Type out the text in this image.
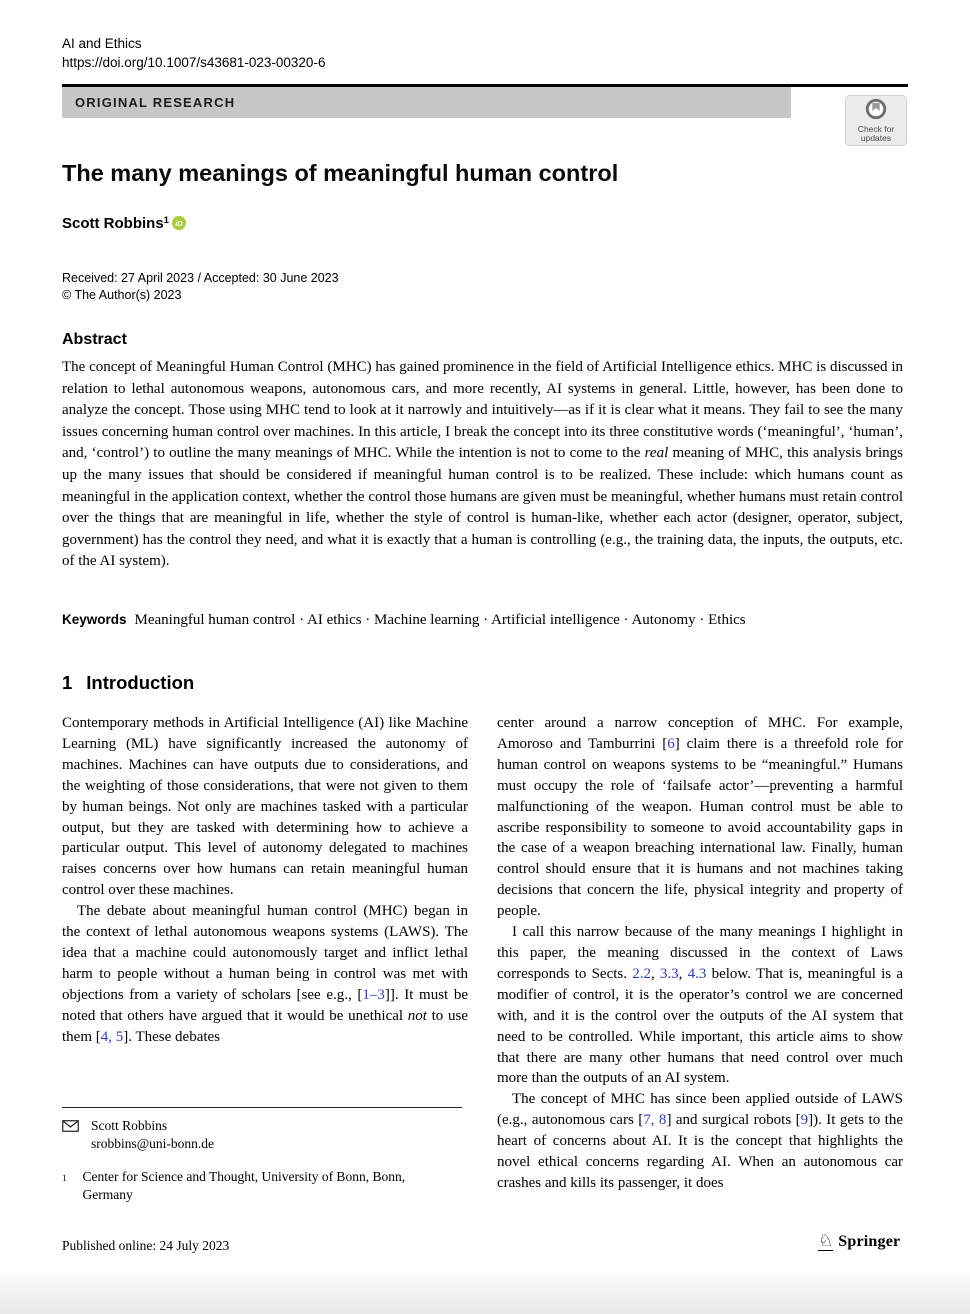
AI and Ethics
https://doi.org/10.1007/s43681-023-00320-6
ORIGINAL RESEARCH
Check for
updates
The many meanings of meaningful human control
Scott Robbins 1 iD
Received: 27 April 2023 / Accepted: 30 June 2023
© The Author(s) 2023
Abstract

The concept of Meaningful Human Control (MHC) has gained prominence in the field of Artificial Intelligence ethics. MHC is discussed in relation to lethal autonomous weapons, autonomous cars, and more recently, AI systems in general. Little, however, has been done to analyze the concept. Those using MHC tend to look at it narrowly and intuitively—as if it is clear what it means. They fail to see the many issues concerning human control over machines. In this article, I break the concept into its three constitutive words (‘meaningful’, ‘human’, and, ‘control’) to outline the many meanings of MHC. While the intention is not to come to the real meaning of MHC, this analysis brings up the many issues that should be considered if meaningful human control is to be realized. These include: which humans count as meaningful in the application context, whether the control those humans are given must be meaningful, whether humans must retain control over the things that are meaningful in life, whether the style of control is human-like, whether each actor (designer, operator, subject, government) has the control they need, and what it is exactly that a human is controlling (e.g., the training data, the inputs, the outputs, etc. of the AI system).

Keywords Meaningful human control · AI ethics · Machine learning · Artificial intelligence · Autonomy · Ethics
1 Introduction

Contemporary methods in Artificial Intelligence (AI) like Machine Learning (ML) have significantly increased the autonomy of machines. Machines can have outputs due to considerations, and the weighting of those considerations, that were not given to them by human beings. Not only are machines tasked with a particular output, but they are tasked with determining how to achieve a particular output. This level of autonomy delegated to machines raises concerns over how humans can retain meaningful human control over these machines.

The debate about meaningful human control (MHC) began in the context of lethal autonomous weapons systems (LAWS). The idea that a machine could autonomously target and inflict lethal harm to people without a human being in control was met with objections from a variety of scholars [see e.g., [1–3]]. It must be noted that others have argued that it would be unethical not to use them [4, 5]. These debates

center around a narrow conception of MHC. For example, Amoroso and Tamburrini [6] claim there is a threefold role for human control on weapons systems to be “meaningful.” Humans must occupy the role of ‘failsafe actor’—preventing a harmful malfunctioning of the weapon. Human control must be able to ascribe responsibility to someone to avoid accountability gaps in the case of a weapon breaching international law. Finally, human control should ensure that it is humans and not machines taking decisions that concern the life, physical integrity and property of people.

I call this narrow because of the many meanings I highlight in this paper, the meaning discussed in the context of Laws corresponds to Sects. 2.2, 3.3, 4.3 below. That is, meaningful is a modifier of control, it is the operator’s control we are concerned with, and it is the control over the outputs of the AI system that need to be controlled. While important, this article aims to show that there are many other humans that need control over much more than the outputs of an AI system.

The concept of MHC has since been applied outside of LAWS (e.g., autonomous cars [7, 8] and surgical robots [9]). It gets to the heart of concerns about AI. It is the concept that highlights the novel ethical concerns regarding AI. When an autonomous car crashes and kills its passenger, it does

Scott Robbins
srobbins@uni-bonn.de
1 Center for Science and Thought, University of Bonn, Bonn, Germany
Published online: 24 July 2023	♘ Springer
